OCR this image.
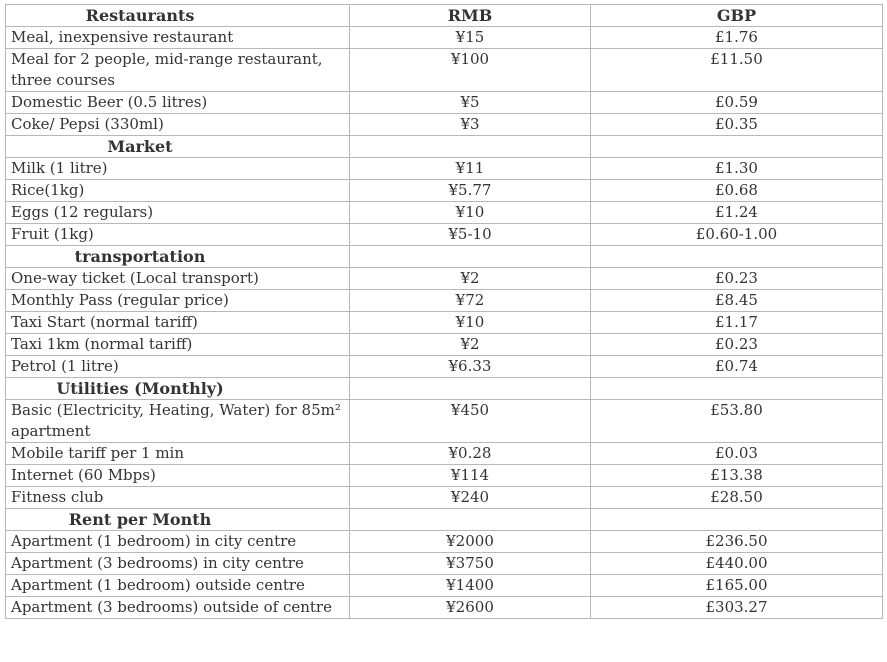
Restaurants	RMB	GBP
Meal, inexpensive restaurant	¥15	£1.76
Meal for 2 people, mid-range restaurant, three courses	¥100	£11.50
Domestic Beer (0.5 litres)	¥5	£0.59
Coke/ Pepsi (330ml)	¥3	£0.35
Market		
Milk (1 litre)	¥11	£1.30
Rice(1kg)	¥5.77	£0.68
Eggs (12 regulars)	¥10	£1.24
Fruit (1kg)	¥5-10	£0.60-1.00
transportation		
One-way ticket (Local transport)	¥2	£0.23
Monthly Pass (regular price)	¥72	£8.45
Taxi Start (normal tariff)	¥10	£1.17
Taxi 1km (normal tariff)	¥2	£0.23
Petrol (1 litre)	¥6.33	£0.74
Utilities (Monthly)		
Basic (Electricity, Heating, Water) for 85m² apartment	¥450	£53.80
Mobile tariff per 1 min	¥0.28	£0.03
Internet (60 Mbps)	¥114	£13.38
Fitness club	¥240	£28.50
Rent per Month		
Apartment (1 bedroom) in city centre	¥2000	£236.50
Apartment (3 bedrooms) in city centre	¥3750	£440.00
Apartment (1 bedroom) outside centre	¥1400	£165.00
Apartment (3 bedrooms) outside of centre	¥2600	£303.27
